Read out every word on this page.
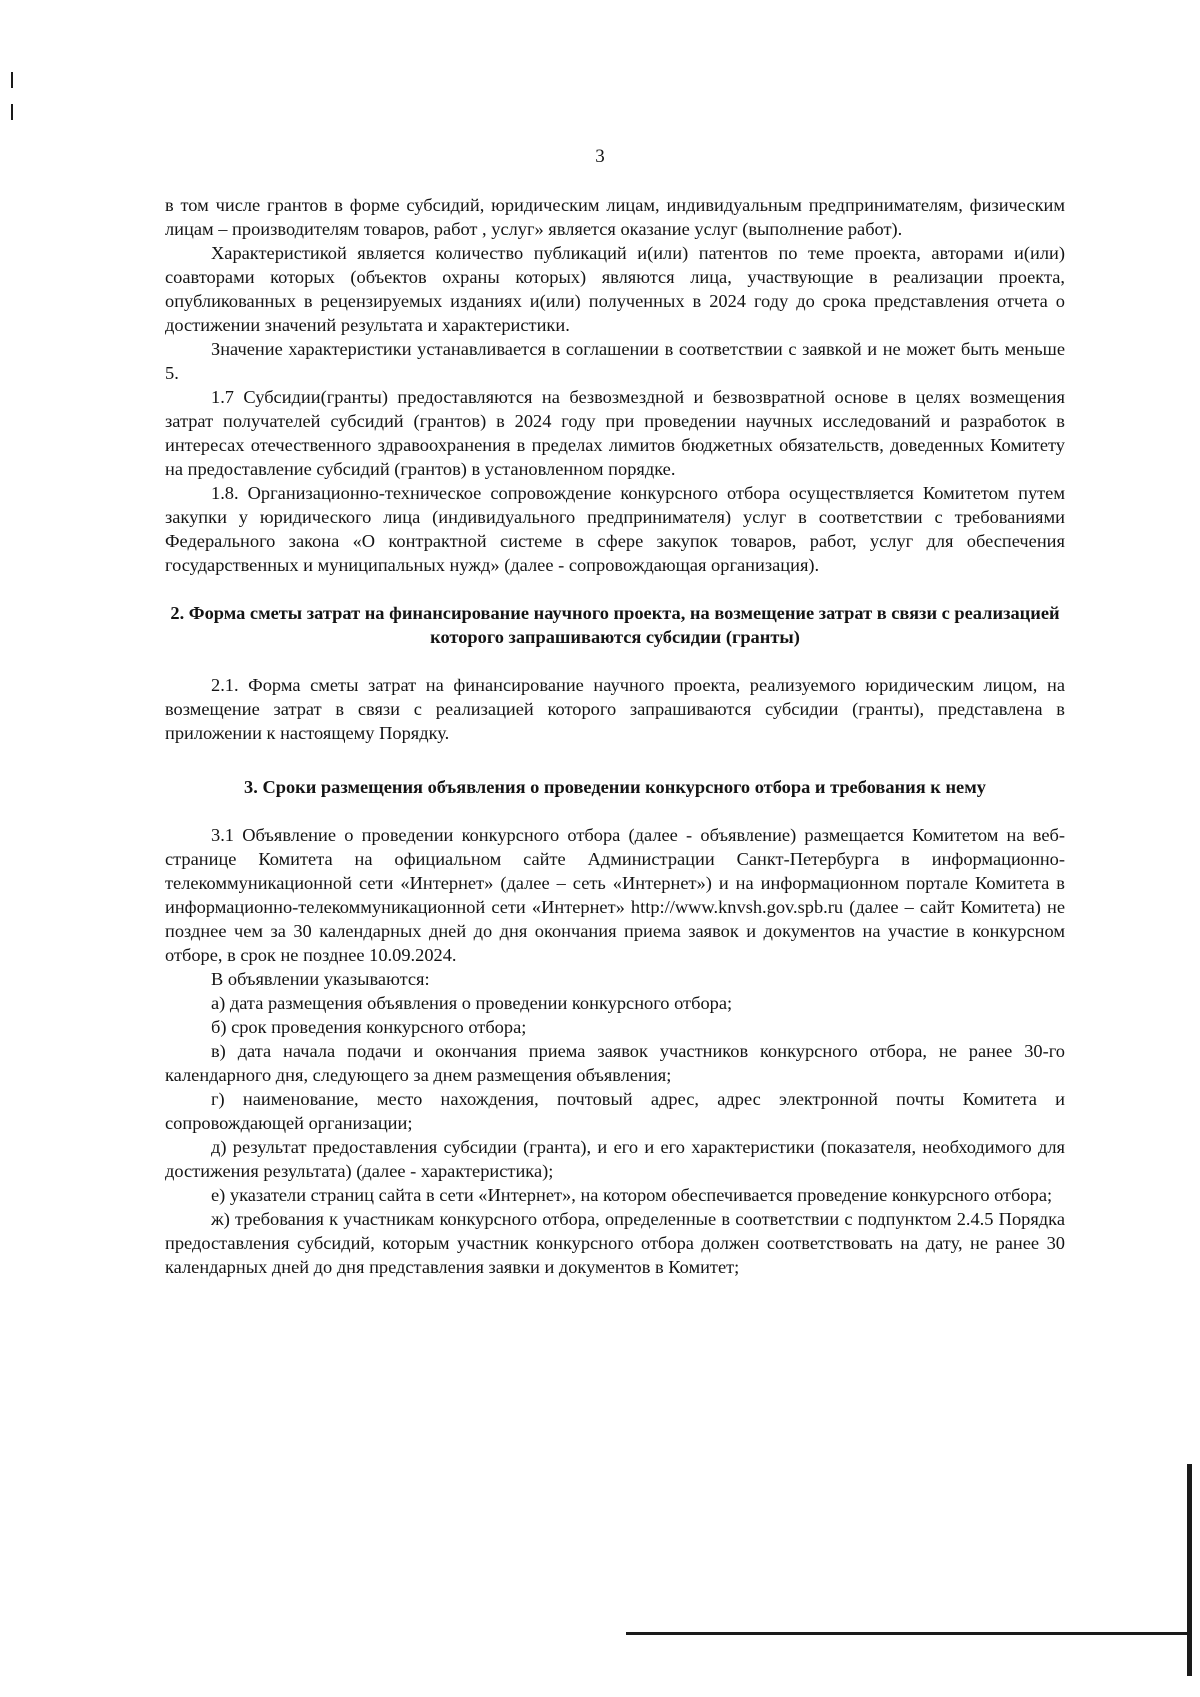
3

в том числе грантов в форме субсидий, юридическим лицам, индивидуальным предпринимателям, физическим лицам – производителям товаров, работ , услуг» является оказание услуг (выполнение работ).

Характеристикой является количество публикаций и(или) патентов по теме проекта, авторами и(или) соавторами которых (объектов охраны которых) являются лица, участвующие в реализации проекта, опубликованных в рецензируемых изданиях и(или) полученных в 2024 году до срока представления отчета о достижении значений результата и характеристики.

Значение характеристики устанавливается в соглашении в соответствии с заявкой и не может быть меньше 5.

1.7 Субсидии(гранты) предоставляются на безвозмездной и безвозвратной основе в целях возмещения затрат получателей субсидий (грантов) в 2024 году при проведении научных исследований и разработок в интересах отечественного здравоохранения в пределах лимитов бюджетных обязательств, доведенных Комитету на предоставление субсидий (грантов) в установленном порядке.

1.8. Организационно-техническое сопровождение конкурсного отбора осуществляется Комитетом путем закупки у юридического лица (индивидуального предпринимателя) услуг в соответствии с требованиями Федерального закона «О контрактной системе в сфере закупок товаров, работ, услуг для обеспечения государственных и муниципальных нужд» (далее - сопровождающая организация).

2. Форма сметы затрат на финансирование научного проекта, на возмещение затрат в связи с реализацией которого запрашиваются субсидии (гранты)

2.1. Форма сметы затрат на финансирование научного проекта, реализуемого юридическим лицом, на возмещение затрат в связи с реализацией которого запрашиваются субсидии (гранты), представлена в приложении к настоящему Порядку.

3. Сроки размещения объявления о проведении конкурсного отбора и требования к нему

3.1 Объявление о проведении конкурсного отбора (далее - объявление) размещается Комитетом на веб-странице Комитета на официальном сайте Администрации Санкт-Петербурга в информационно-телекоммуникационной сети «Интернет» (далее – сеть «Интернет») и на информационном портале Комитета в информационно-телекоммуникационной сети «Интернет» http://www.knvsh.gov.spb.ru (далее – сайт Комитета) не позднее чем за 30 календарных дней до дня окончания приема заявок и документов на участие в конкурсном отборе, в срок не позднее 10.09.2024.

В объявлении указываются:

а) дата размещения объявления о проведении конкурсного отбора;

б) срок проведения конкурсного отбора;

в) дата начала подачи и окончания приема заявок участников конкурсного отбора, не ранее 30-го календарного дня, следующего за днем размещения объявления;

г) наименование, место нахождения, почтовый адрес, адрес электронной почты Комитета и сопровождающей организации;

д) результат предоставления субсидии (гранта), и его и его характеристики (показателя, необходимого для достижения результата) (далее - характеристика);

е) указатели страниц сайта в сети «Интернет», на котором обеспечивается проведение конкурсного отбора;

ж) требования к участникам конкурсного отбора, определенные в соответствии с подпунктом 2.4.5 Порядка предоставления субсидий, которым участник конкурсного отбора должен соответствовать на дату, не ранее 30 календарных дней до дня представления заявки и документов в Комитет;
